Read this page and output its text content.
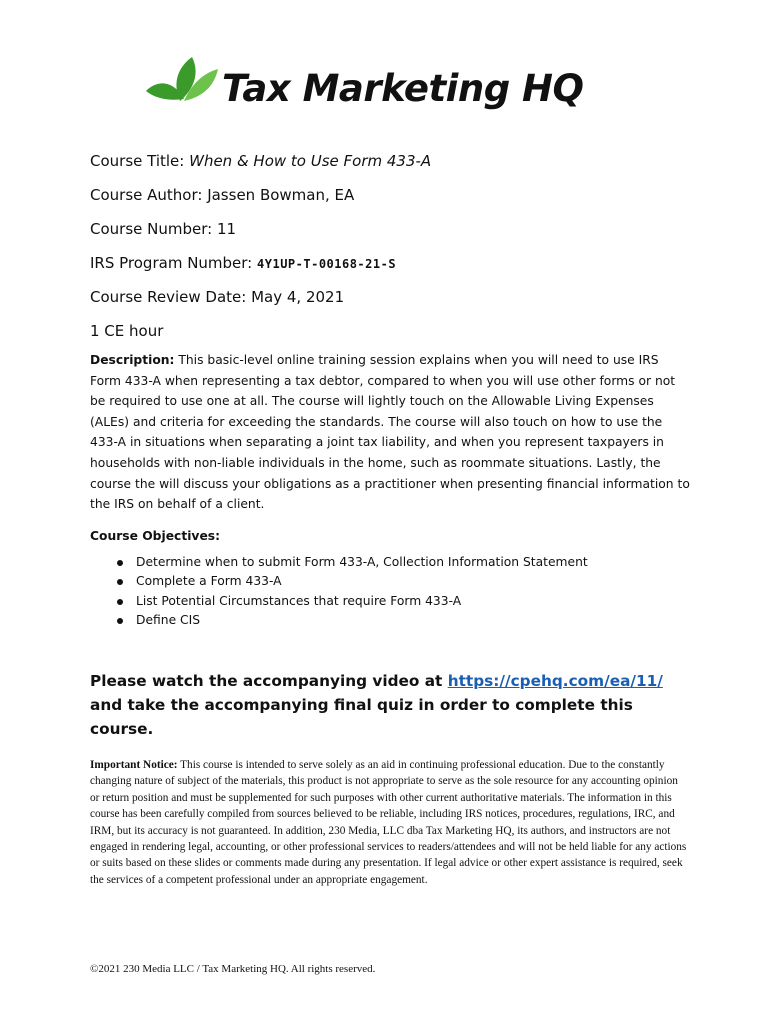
Tax Marketing HQ

Course Title: When & How to Use Form 433-A

Course Author: Jassen Bowman, EA

Course Number: 11

IRS Program Number: 4Y1UP-T-00168-21-S

Course Review Date: May 4, 2021

1 CE hour

Description: This basic-level online training session explains when you will need to use IRS Form 433-A when representing a tax debtor, compared to when you will use other forms or not be required to use one at all. The course will lightly touch on the Allowable Living Expenses (ALEs) and criteria for exceeding the standards. The course will also touch on how to use the 433-A in situations when separating a joint tax liability, and when you represent taxpayers in households with non-liable individuals in the home, such as roommate situations. Lastly, the course the will discuss your obligations as a practitioner when presenting financial information to the IRS on behalf of a client.

Course Objectives:

Determine when to submit Form 433-A, Collection Information Statement
Complete a Form 433-A
List Potential Circumstances that require Form 433-A
Define CIS

Please watch the accompanying video at https://cpehq.com/ea/11/ and take the accompanying final quiz in order to complete this course.

Important Notice: This course is intended to serve solely as an aid in continuing professional education. Due to the constantly changing nature of subject of the materials, this product is not appropriate to serve as the sole resource for any accounting opinion or return position and must be supplemented for such purposes with other current authoritative materials. The information in this course has been carefully compiled from sources believed to be reliable, including IRS notices, procedures, regulations, IRC, and IRM, but its accuracy is not guaranteed. In addition, 230 Media, LLC dba Tax Marketing HQ, its authors, and instructors are not engaged in rendering legal, accounting, or other professional services to readers/attendees and will not be held liable for any actions or suits based on these slides or comments made during any presentation. If legal advice or other expert assistance is required, seek the services of a competent professional under an appropriate engagement.
©2021 230 Media LLC / Tax Marketing HQ. All rights reserved.
